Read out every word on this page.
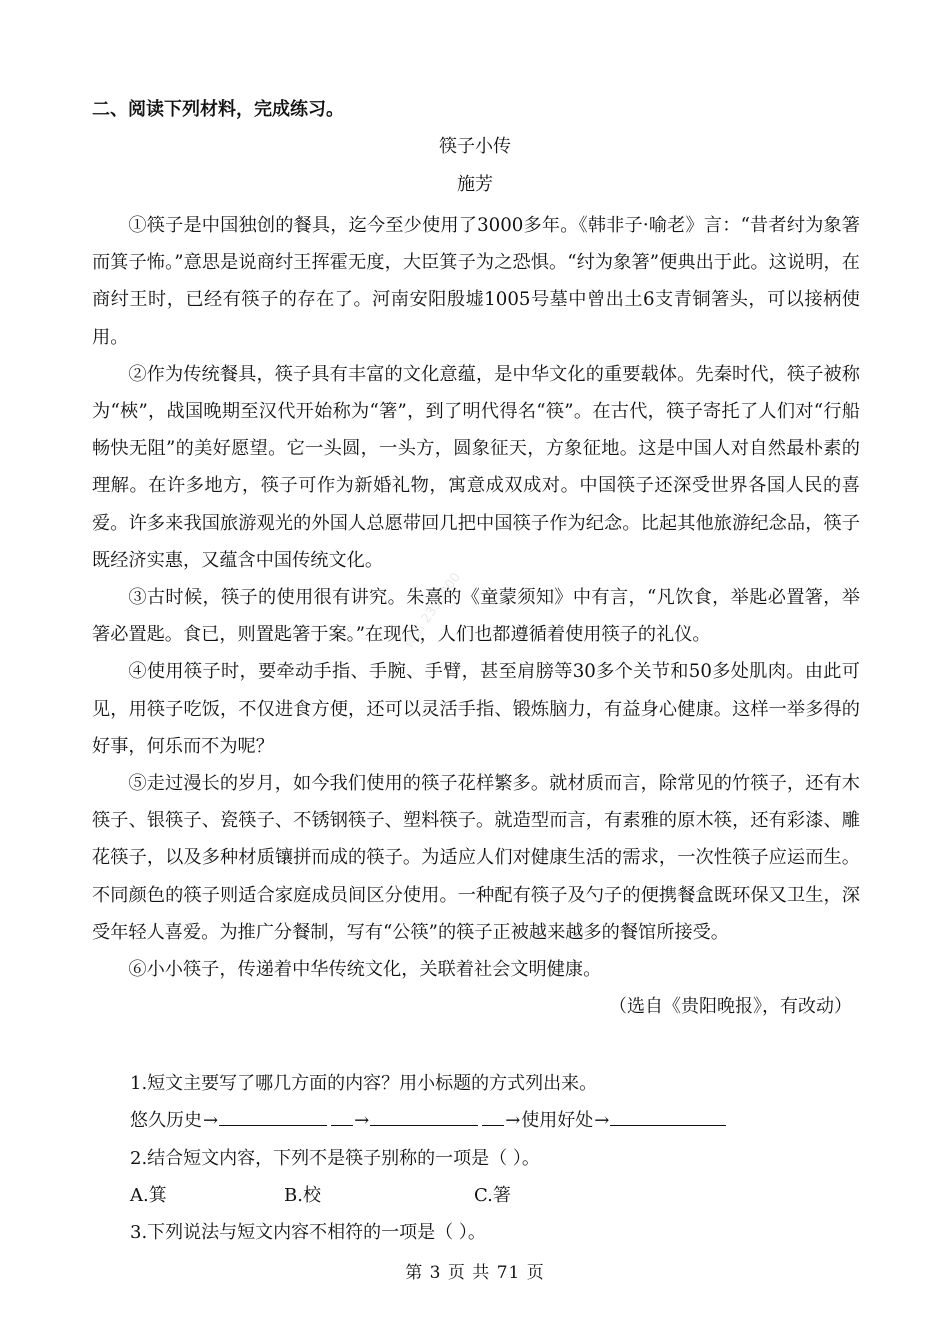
微信 2335000
二、阅读下列材料，完成练习。
筷子小传
施芳

①筷子是中国独创的餐具，迄今至少使用了3000多年。《韩非子·喻老》言：“昔者纣为象箸而箕子怖。”意思是说商纣王挥霍无度，大臣箕子为之恐惧。“纣为象箸”便典出于此。这说明，在商纣王时，已经有筷子的存在了。河南安阳殷墟1005号墓中曾出土6支青铜箸头，可以接柄使用。

②作为传统餐具，筷子具有丰富的文化意蕴，是中华文化的重要载体。先秦时代，筷子被称为“梜”，战国晚期至汉代开始称为“箸”，到了明代得名“筷”。在古代，筷子寄托了人们对“行船畅快无阻”的美好愿望。它一头圆，一头方，圆象征天，方象征地。这是中国人对自然最朴素的理解。在许多地方，筷子可作为新婚礼物，寓意成双成对。中国筷子还深受世界各国人民的喜爱。许多来我国旅游观光的外国人总愿带回几把中国筷子作为纪念。比起其他旅游纪念品，筷子既经济实惠，又蕴含中国传统文化。

③古时候，筷子的使用很有讲究。朱熹的《童蒙须知》中有言，“凡饮食，举匙必置箸，举箸必置匙。食已，则置匙箸于案。”在现代，人们也都遵循着使用筷子的礼仪。

④使用筷子时，要牵动手指、手腕、手臂，甚至肩膀等30多个关节和50多处肌肉。由此可见，用筷子吃饭，不仅进食方便，还可以灵活手指、锻炼脑力，有益身心健康。这样一举多得的好事，何乐而不为呢？

⑤走过漫长的岁月，如今我们使用的筷子花样繁多。就材质而言，除常见的竹筷子，还有木筷子、银筷子、瓷筷子、不锈钢筷子、塑料筷子。就造型而言，有素雅的原木筷，还有彩漆、雕花筷子，以及多种材质镶拼而成的筷子。为适应人们对健康生活的需求，一次性筷子应运而生。不同颜色的筷子则适合家庭成员间区分使用。一种配有筷子及勺子的便携餐盒既环保又卫生，深受年轻人喜爱。为推广分餐制，写有“公筷”的筷子正被越来越多的餐馆所接受。

⑥小小筷子，传递着中华传统文化，关联着社会文明健康。

（选自《贵阳晚报》，有改动）

1.短文主要写了哪几方面的内容？用小标题的方式列出来。
悠久历史 →	→	→ 使用好处 →
2.结合短文内容，下列不是筷子别称的一项是（ ）。
A.箕	B.校	C.箸
3.下列说法与短文内容不相符的一项是（ ）。
第 3 页 共 71 页
